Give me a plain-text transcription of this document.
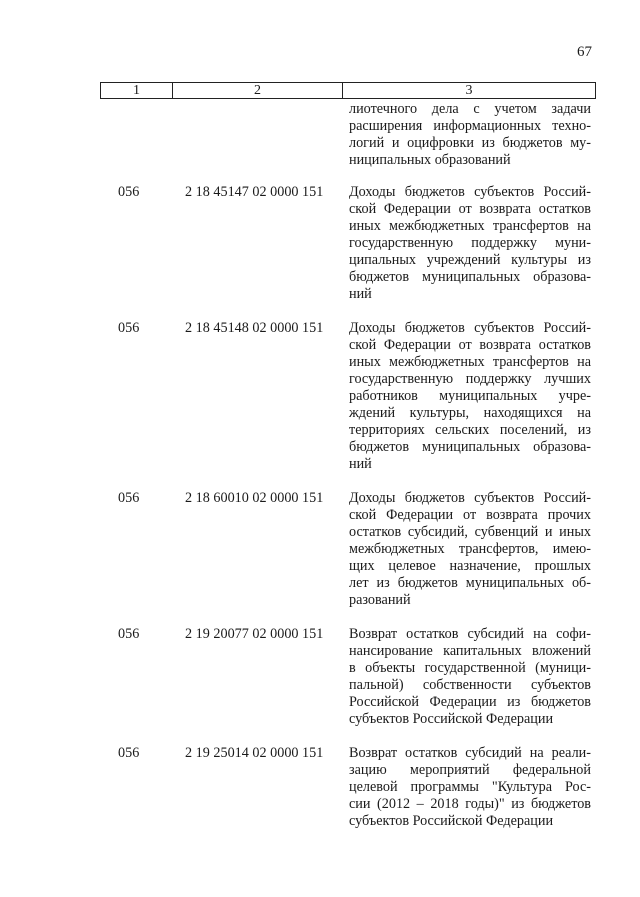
67
1	2	3
лиотечного дела с учетом задачи
расширения информационных техно-
логий и оцифровки из бюджетов му-
ниципальных образований
056	2 18 45147 02 0000 151	Доходы бюджетов субъектов Россий-
ской Федерации от возврата остатков
иных межбюджетных трансфертов на
государственную поддержку муни-
ципальных учреждений культуры из
бюджетов муниципальных образова-
ний
056	2 18 45148 02 0000 151	Доходы бюджетов субъектов Россий-
ской Федерации от возврата остатков
иных межбюджетных трансфертов на
государственную поддержку лучших
работников муниципальных учре-
ждений культуры, находящихся на
территориях сельских поселений, из
бюджетов муниципальных образова-
ний
056	2 18 60010 02 0000 151	Доходы бюджетов субъектов Россий-
ской Федерации от возврата прочих
остатков субсидий, субвенций и иных
межбюджетных трансфертов, имею-
щих целевое назначение, прошлых
лет из бюджетов муниципальных об-
разований
056	2 19 20077 02 0000 151	Возврат остатков субсидий на софи-
нансирование капитальных вложений
в объекты государственной (муници-
пальной) собственности субъектов
Российской Федерации из бюджетов
субъектов Российской Федерации
056	2 19 25014 02 0000 151	Возврат остатков субсидий на реали-
зацию мероприятий федеральной
целевой программы "Культура Рос-
сии (2012 – 2018 годы)" из бюджетов
субъектов Российской Федерации
